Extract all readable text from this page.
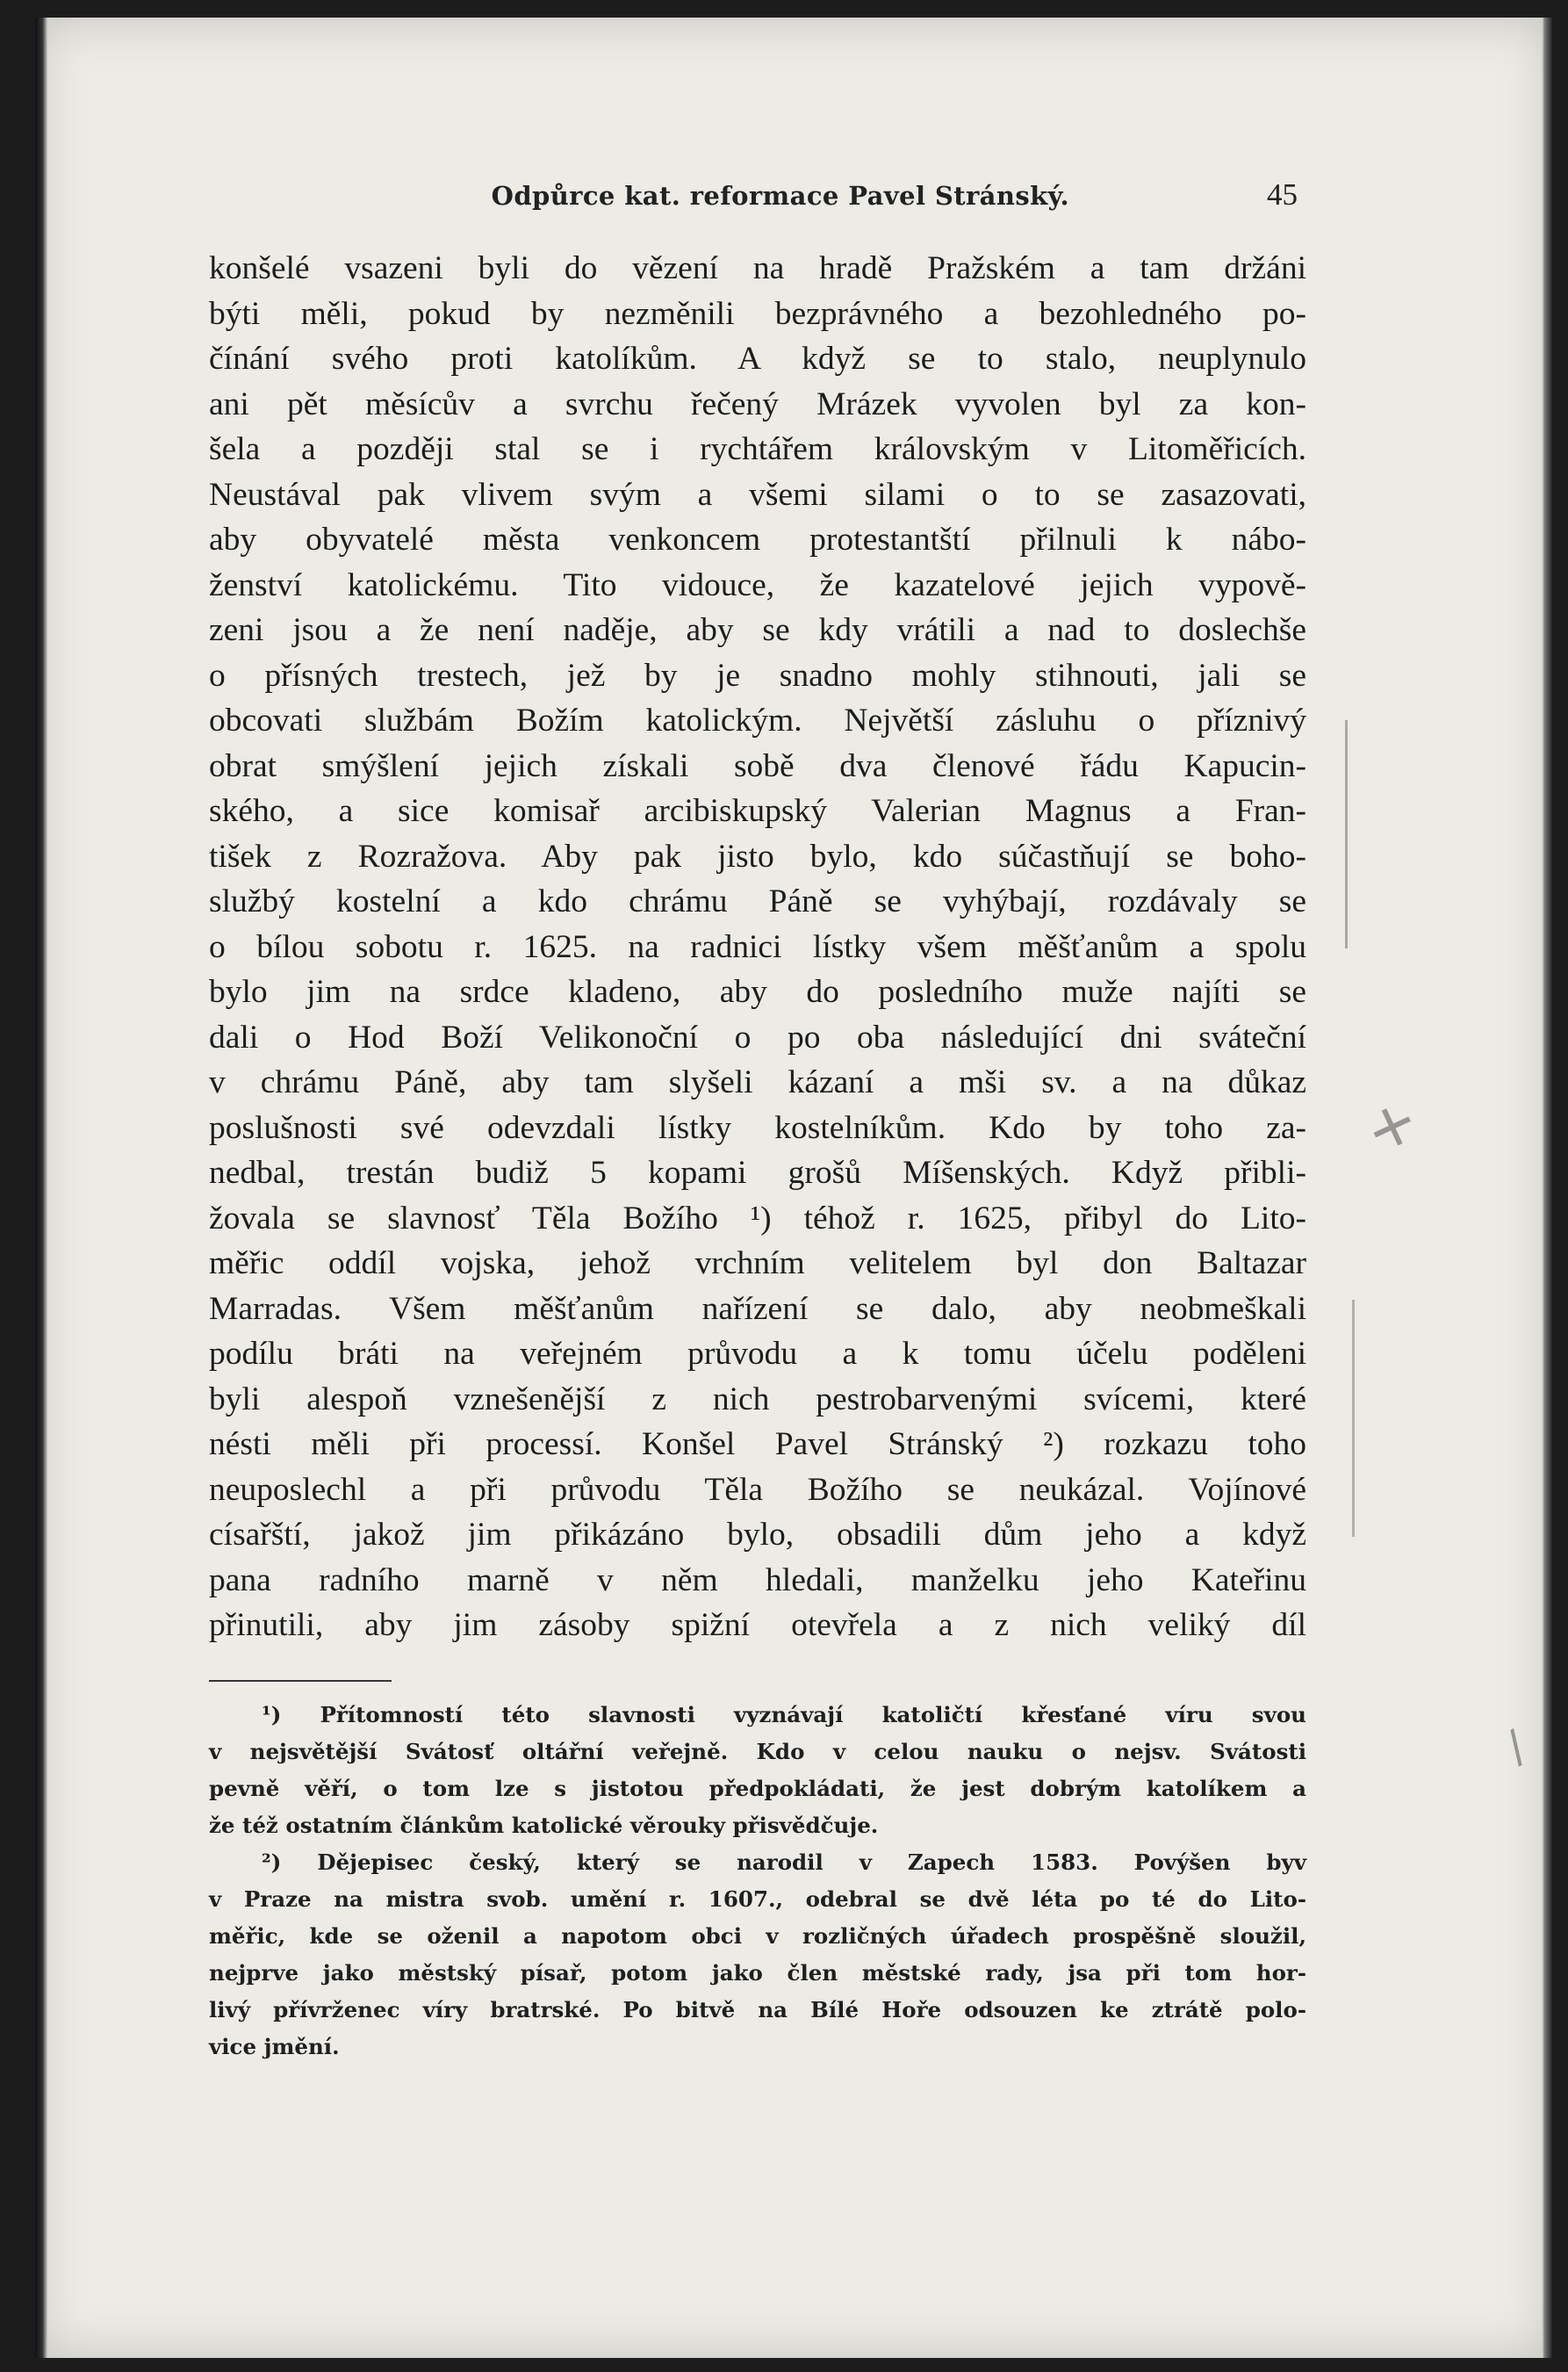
Odpůrce kat. reformace Pavel Stránský.	45
konšelé vsazeni byli do vězení na hradě Pražském a tam držáni
býti měli, pokud by nezměnili bezprávného a bezohledného po-
čínání svého proti katolíkům. A když se to stalo, neuplynulo
ani pět měsícův a svrchu řečený Mrázek vyvolen byl za kon-
šela a později stal se i rychtářem královským v Litoměřicích.
Neustával pak vlivem svým a všemi silami o to se zasazovati,
aby obyvatelé města venkoncem protestantští přilnuli k nábo-
ženství katolickému. Tito vidouce, že kazatelové jejich vypově-
zeni jsou a že není naděje, aby se kdy vrátili a nad to doslechše
o přísných trestech, jež by je snadno mohly stihnouti, jali se
obcovati službám Božím katolickým. Největší zásluhu o příznivý
obrat smýšlení jejich získali sobě dva členové řádu Kapucin-
ského, a sice komisař arcibiskupský Valerian Magnus a Fran-
tišek z Rozražova. Aby pak jisto bylo, kdo súčastňují se boho-
službý kostelní a kdo chrámu Páně se vyhýbají, rozdávaly se
o bílou sobotu r. 1625. na radnici lístky všem měšťanům a spolu
bylo jim na srdce kladeno, aby do posledního muže najíti se
dali o Hod Boží Velikonoční o po oba následující dni sváteční
v chrámu Páně, aby tam slyšeli kázaní a mši sv. a na důkaz
poslušnosti své odevzdali lístky kostelníkům. Kdo by toho za-
nedbal, trestán budiž 5 kopami grošů Míšenských. Když přibli-
žovala se slavnosť Těla Božího ¹) téhož r. 1625, přibyl do Lito-
měřic oddíl vojska, jehož vrchním velitelem byl don Baltazar
Marradas. Všem měšťanům nařízení se dalo, aby neobmeškali
podílu bráti na veřejném průvodu a k tomu účelu poděleni
byli alespoň vznešenější z nich pestrobarvenými svícemi, které
nésti měli při processí. Konšel Pavel Stránský ²) rozkazu toho
neuposlechl a při průvodu Těla Božího se neukázal. Vojínové
císařští, jakož jim přikázáno bylo, obsadili dům jeho a když
pana radního marně v něm hledali, manželku jeho Kateřinu
přinutili, aby jim zásoby spižní otevřela a z nich veliký díl
¹) Přítomností této slavnosti vyznávají katoličtí křesťané víru svou
v nejsvětější Svátosť oltářní veřejně. Kdo v celou nauku o nejsv. Svátosti
pevně věří, o tom lze s jistotou předpokládati, že jest dobrým katolíkem a
že též ostatním článkům katolické věrouky přisvědčuje.
²) Dějepisec český, který se narodil v Zapech 1583. Povýšen byv
v Praze na mistra svob. umění r. 1607., odebral se dvě léta po té do Lito-
měřic, kde se oženil a napotom obci v rozličných úřadech prospěšně sloužil,
nejprve jako městský písař, potom jako člen městské rady, jsa při tom hor-
livý přívrženec víry bratrské. Po bitvě na Bílé Hoře odsouzen ke ztrátě polo-
vice jmění.
✕
/
